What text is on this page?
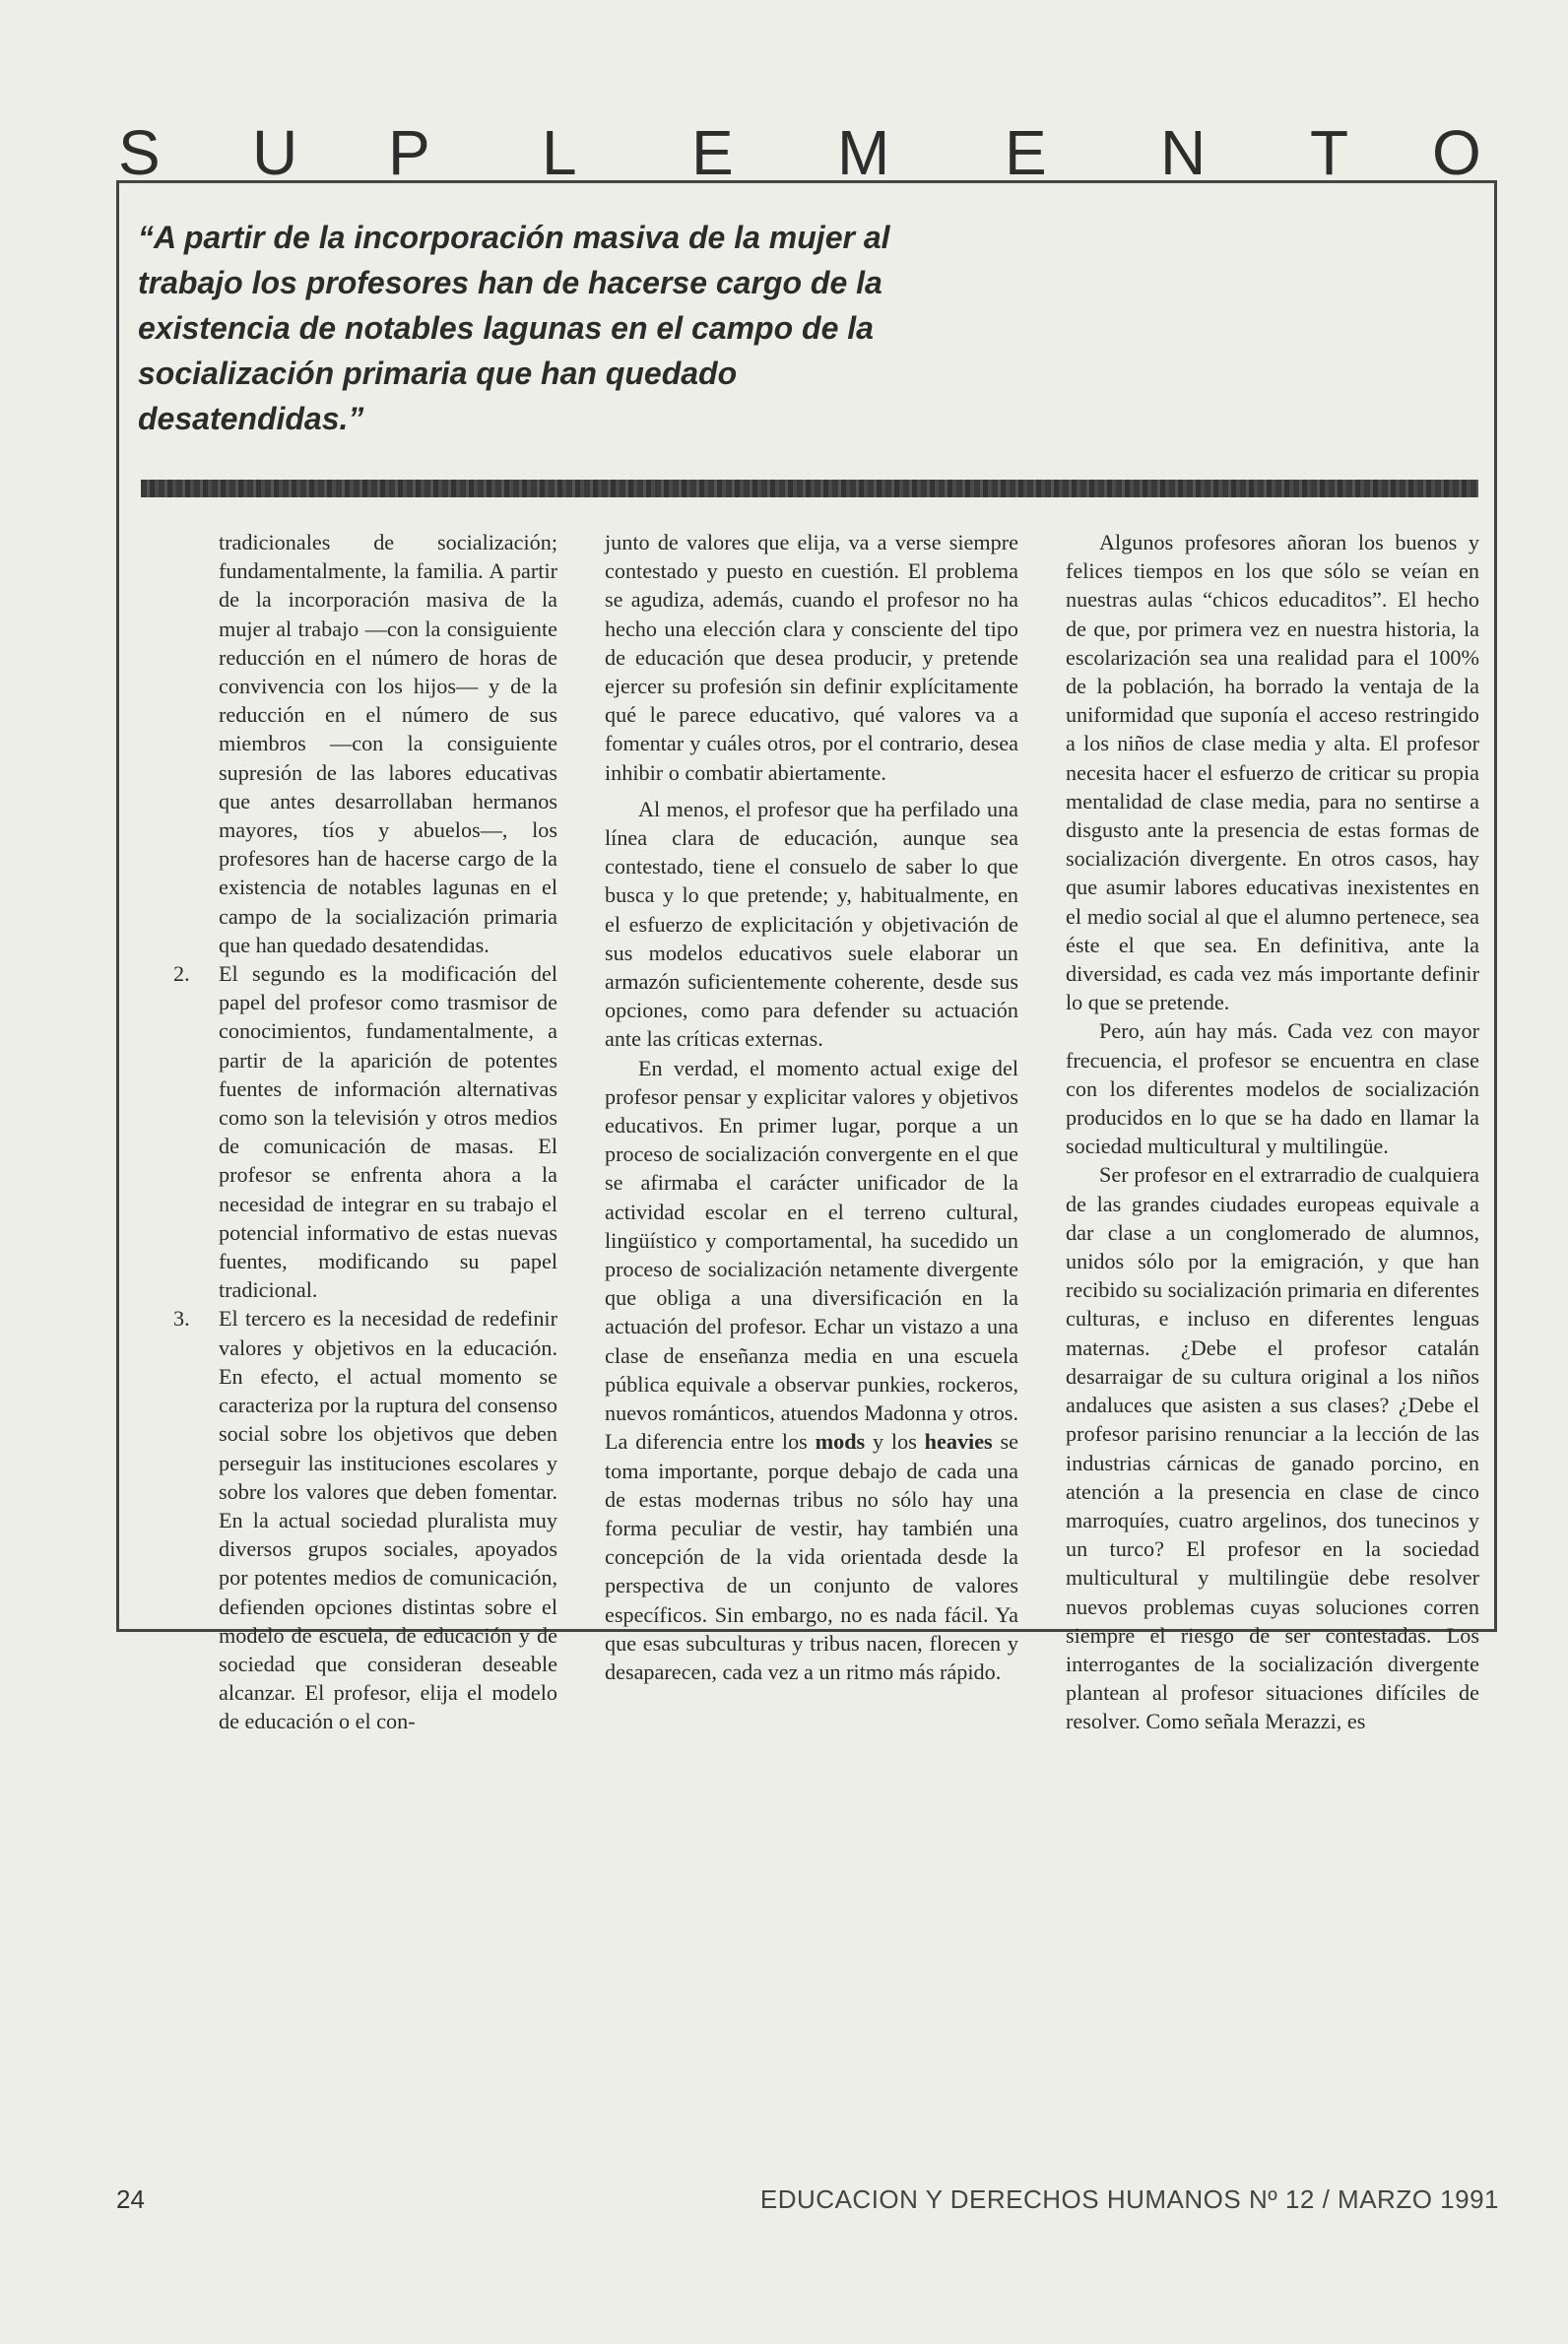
S U P L E M E N T O

“A partir de la incorporación masiva de la mujer al trabajo los profesores han de hacerse cargo de la existencia de notables lagunas en el campo de la socialización primaria que han quedado desatendidas.”

tradicionales de socialización; fundamentalmente, la familia. A partir de la incorporación masiva de la mujer al trabajo —con la consiguiente reducción en el número de horas de convivencia con los hijos— y de la reducción en el número de sus miembros —con la consiguiente supresión de las labores educativas que antes desarrollaban hermanos mayores, tíos y abuelos—, los profesores han de hacerse cargo de la existencia de notables lagunas en el campo de la socialización primaria que han quedado desatendidas.

2. El segundo es la modificación del papel del profesor como trasmisor de conocimientos, fundamentalmente, a partir de la aparición de potentes fuentes de información alternativas como son la televisión y otros medios de comunicación de masas. El profesor se enfrenta ahora a la necesidad de integrar en su trabajo el potencial informativo de estas nuevas fuentes, modificando su papel tradicional.

3. El tercero es la necesidad de redefinir valores y objetivos en la educación. En efecto, el actual momento se caracteriza por la ruptura del consenso social sobre los objetivos que deben perseguir las instituciones escolares y sobre los valores que deben fomentar. En la actual sociedad pluralista muy diversos grupos sociales, apoyados por potentes medios de comunicación, defienden opciones distintas sobre el modelo de escuela, de educación y de sociedad que consideran deseable alcanzar. El profesor, elija el modelo de educación o el con-

junto de valores que elija, va a verse siempre contestado y puesto en cuestión. El problema se agudiza, además, cuando el profesor no ha hecho una elección clara y consciente del tipo de educación que desea producir, y pretende ejercer su profesión sin definir explícitamente qué le parece educativo, qué valores va a fomentar y cuáles otros, por el contrario, desea inhibir o combatir abiertamente.

Al menos, el profesor que ha perfilado una línea clara de educación, aunque sea contestado, tiene el consuelo de saber lo que busca y lo que pretende; y, habitualmente, en el esfuerzo de explicitación y objetivación de sus modelos educativos suele elaborar un armazón suficientemente coherente, desde sus opciones, como para defender su actuación ante las críticas externas.

En verdad, el momento actual exige del profesor pensar y explicitar valores y objetivos educativos. En primer lugar, porque a un proceso de socialización convergente en el que se afirmaba el carácter unificador de la actividad escolar en el terreno cultural, lingüístico y comportamental, ha sucedido un proceso de socialización netamente divergente que obliga a una diversificación en la actuación del profesor. Echar un vistazo a una clase de enseñanza media en una escuela pública equivale a observar punkies, rockeros, nuevos románticos, atuendos Madonna y otros. La diferencia entre los mods y los heavies se toma importante, porque debajo de cada una de estas modernas tribus no sólo hay una forma peculiar de vestir, hay también una concepción de la vida orientada desde la perspectiva de un conjunto de valores específicos. Sin embargo, no es nada fácil. Ya que esas subculturas y tribus nacen, florecen y desaparecen, cada vez a un ritmo más rápido.

Algunos profesores añoran los buenos y felices tiempos en los que sólo se veían en nuestras aulas “chicos educaditos”. El hecho de que, por primera vez en nuestra historia, la escolarización sea una realidad para el 100% de la población, ha borrado la ventaja de la uniformidad que suponía el acceso restringido a los niños de clase media y alta. El profesor necesita hacer el esfuerzo de criticar su propia mentalidad de clase media, para no sentirse a disgusto ante la presencia de estas formas de socialización divergente. En otros casos, hay que asumir labores educativas inexistentes en el medio social al que el alumno pertenece, sea éste el que sea. En definitiva, ante la diversidad, es cada vez más importante definir lo que se pretende.

Pero, aún hay más. Cada vez con mayor frecuencia, el profesor se encuentra en clase con los diferentes modelos de socialización producidos en lo que se ha dado en llamar la sociedad multicultural y multilingüe.

Ser profesor en el extrarradio de cualquiera de las grandes ciudades europeas equivale a dar clase a un conglomerado de alumnos, unidos sólo por la emigración, y que han recibido su socialización primaria en diferentes culturas, e incluso en diferentes lenguas maternas. ¿Debe el profesor catalán desarraigar de su cultura original a los niños andaluces que asisten a sus clases? ¿Debe el profesor parisino renunciar a la lección de las industrias cárnicas de ganado porcino, en atención a la presencia en clase de cinco marroquíes, cuatro argelinos, dos tunecinos y un turco? El profesor en la sociedad multicultural y multilingüe debe resolver nuevos problemas cuyas soluciones corren siempre el riesgo de ser contestadas. Los interrogantes de la socialización divergente plantean al profesor situaciones difíciles de resolver. Como señala Merazzi, es

24	EDUCACION Y DERECHOS HUMANOS Nº 12 / MARZO 1991
